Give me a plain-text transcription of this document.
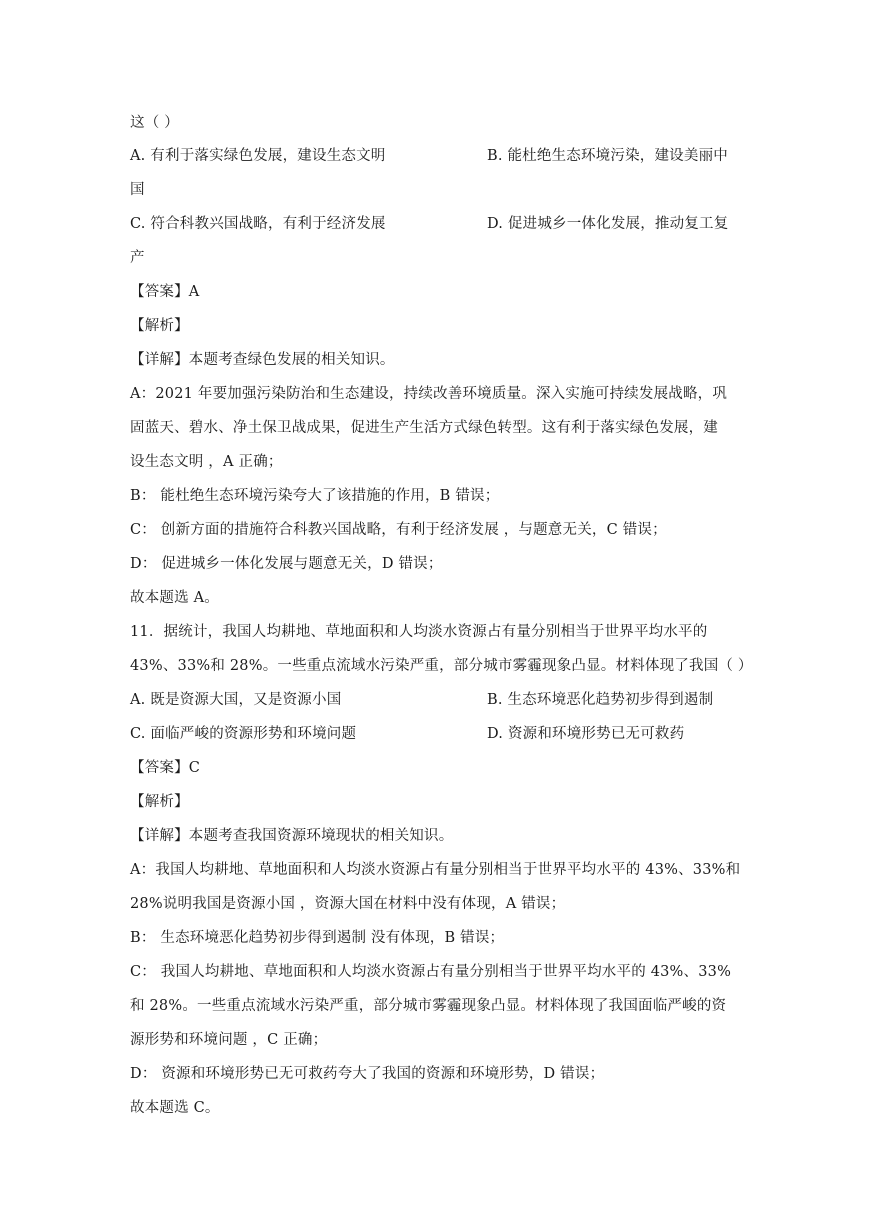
这（ ）
A. 有利于落实绿色发展，建设生态文明	B. 能杜绝生态环境污染，建设美丽中
国
C. 符合科教兴国战略，有利于经济发展	D. 促进城乡一体化发展，推动复工复
产
【答案】A
【解析】
【详解】本题考查绿色发展的相关知识。
A：2021 年要加强污染防治和生态建设，持续改善环境质量。深入实施可持续发展战略，巩
固蓝天、碧水、净土保卫战成果，促进生产生活方式绿色转型。这有利于落实绿色发展，建
设生态文明 ，A 正确；
B： 能杜绝生态环境污染夸大了该措施的作用，B 错误；
C： 创新方面的措施符合科教兴国战略，有利于经济发展 ，与题意无关，C 错误；
D： 促进城乡一体化发展与题意无关，D 错误；
故本题选 A。
11．据统计，我国人均耕地、草地面积和人均淡水资源占有量分别相当于世界平均水平的
43%、33%和 28%。一些重点流域水污染严重，部分城市雾霾现象凸显。材料体现了我国（ ）
A. 既是资源大国，又是资源小国	B. 生态环境恶化趋势初步得到遏制
C. 面临严峻的资源形势和环境问题	D. 资源和环境形势已无可救药
【答案】C
【解析】
【详解】本题考查我国资源环境现状的相关知识。
A：我国人均耕地、草地面积和人均淡水资源占有量分别相当于世界平均水平的 43%、33%和
28%说明我国是资源小国 ，资源大国在材料中没有体现，A 错误；
B： 生态环境恶化趋势初步得到遏制 没有体现，B 错误；
C： 我国人均耕地、草地面积和人均淡水资源占有量分别相当于世界平均水平的 43%、33%
和 28%。一些重点流域水污染严重，部分城市雾霾现象凸显。材料体现了我国面临严峻的资
源形势和环境问题 ，C 正确；
D： 资源和环境形势已无可救药夸大了我国的资源和环境形势，D 错误；
故本题选 C。
